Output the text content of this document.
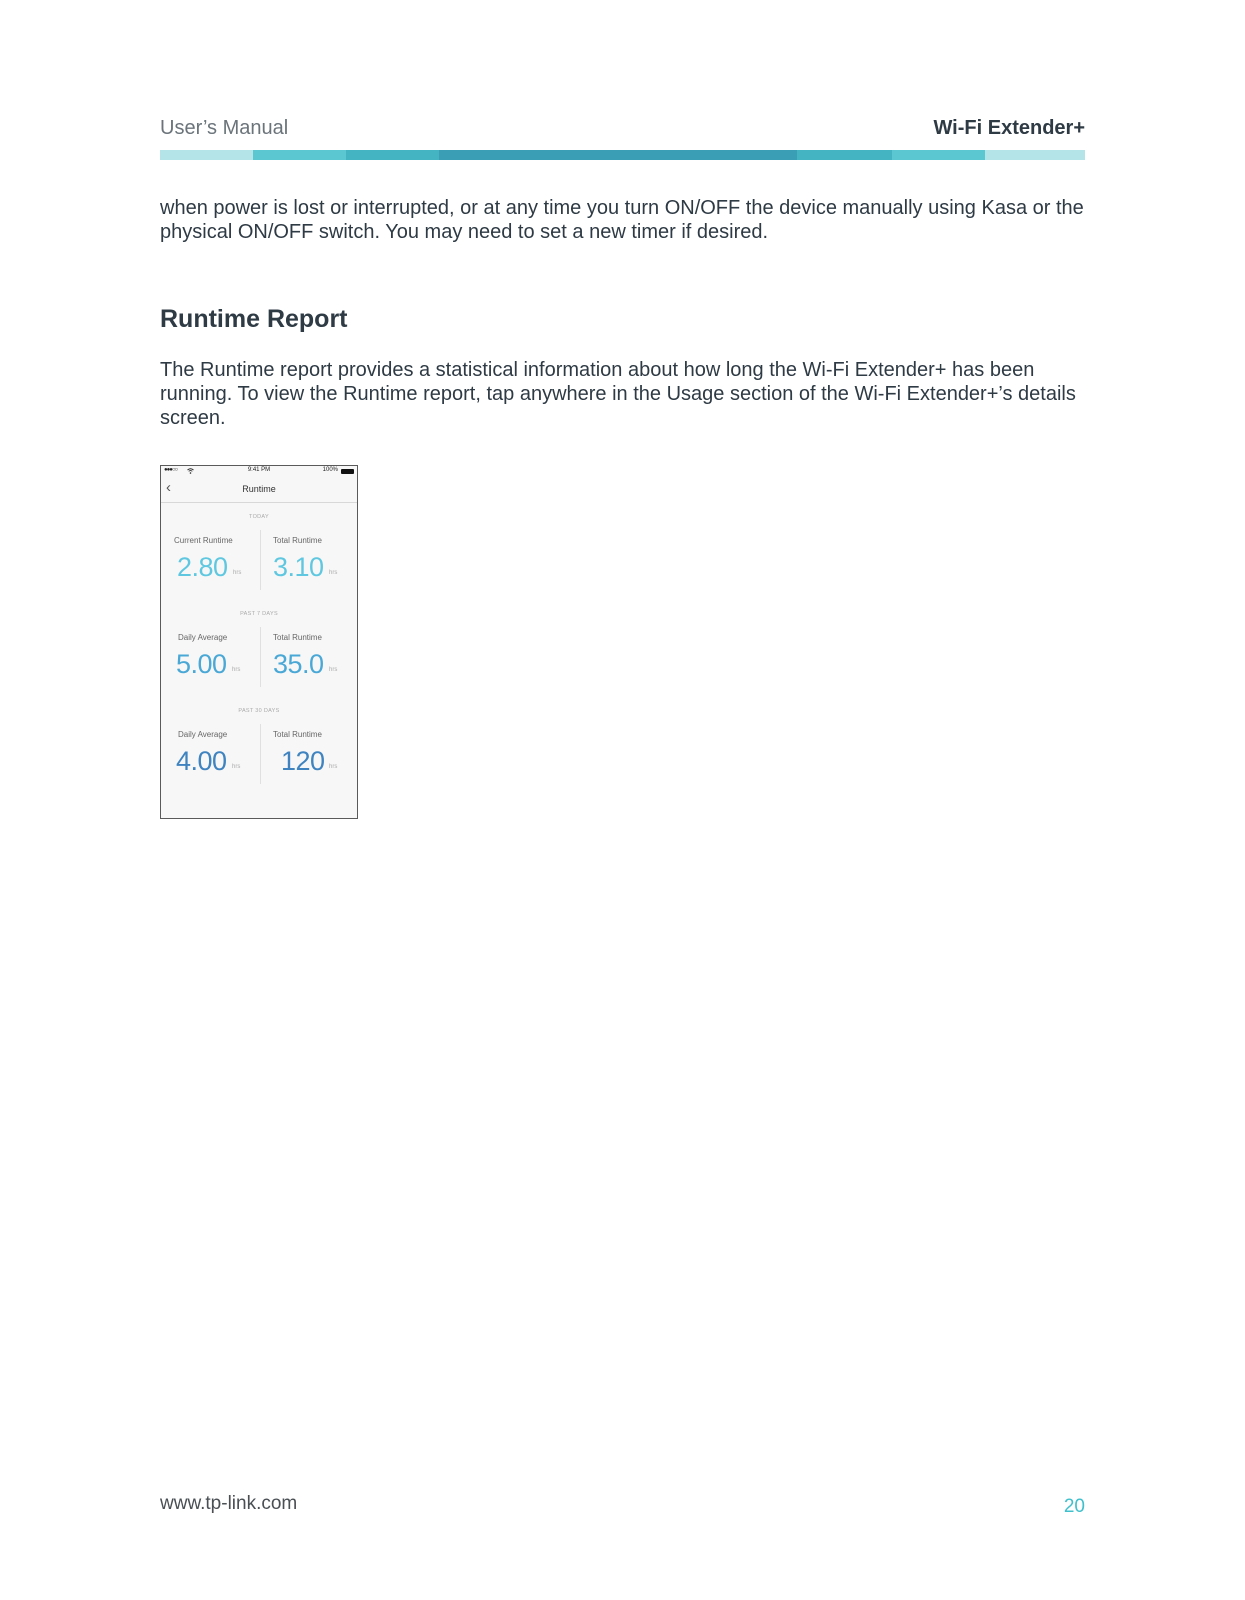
User’s Manual	Wi-Fi Extender+
when power is lost or interrupted, or at any time you turn ON/OFF the device manually using Kasa or the physical ON/OFF switch. You may need to set a new timer if desired.
Runtime Report
The Runtime report provides a statistical information about how long the Wi-Fi Extender+ has been running. To view the Runtime report, tap anywhere in the Usage section of the Wi-Fi Extender+’s details screen.
●●●○○	9:41 PM	100%
‹	Runtime
TODAY
Current Runtime
2.80 hrs
Total Runtime
3.10 hrs
PAST 7 DAYS
Daily Average
5.00 hrs
Total Runtime
35.0 hrs
PAST 30 DAYS
Daily Average
4.00 hrs
Total Runtime
120 hrs
www.tp-link.com	20
